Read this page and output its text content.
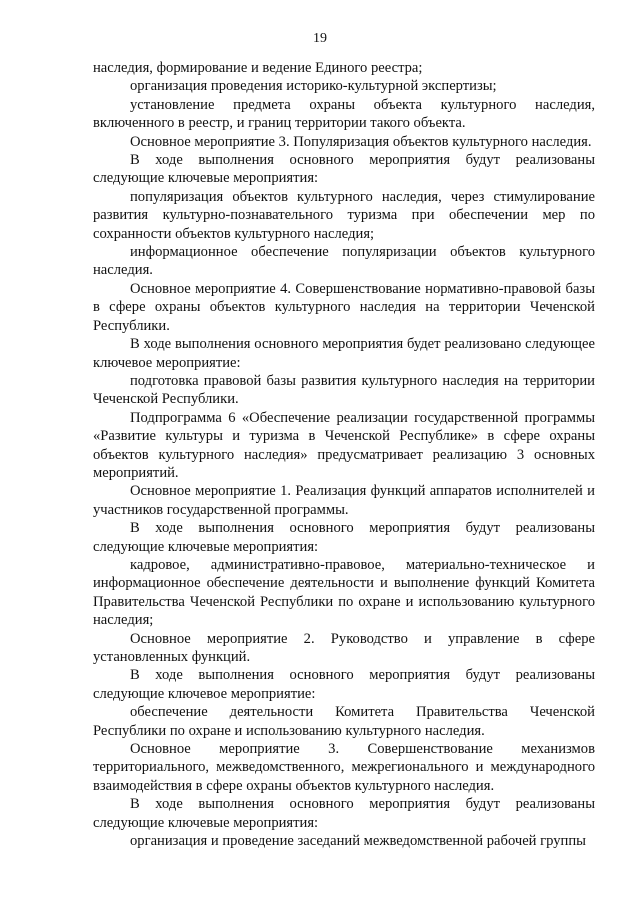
19

наследия, формирование и ведение Единого реестра;

организация проведения историко-культурной экспертизы;

установление предмета охраны объекта культурного наследия, включенного в реестр, и границ территории такого объекта.

Основное мероприятие 3. Популяризация объектов культурного наследия.

В ходе выполнения основного мероприятия будут реализованы следующие ключевые мероприятия:

популяризация объектов культурного наследия, через стимулирование развития культурно-познавательного туризма при обеспечении мер по сохранности объектов культурного наследия;

информационное обеспечение популяризации объектов культурного наследия.

Основное мероприятие 4. Совершенствование нормативно-правовой базы в сфере охраны объектов культурного наследия на территории Чеченской Республики.

В ходе выполнения основного мероприятия будет реализовано следующее ключевое мероприятие:

подготовка правовой базы развития культурного наследия на территории Чеченской Республики.

Подпрограмма 6 «Обеспечение реализации государственной программы «Развитие культуры и туризма в Чеченской Республике» в сфере охраны объектов культурного наследия» предусматривает реализацию 3 основных мероприятий.

Основное мероприятие 1. Реализация функций аппаратов исполнителей и участников государственной программы.

В ходе выполнения основного мероприятия будут реализованы следующие ключевые мероприятия:

кадровое, административно-правовое, материально-техническое и информационное обеспечение деятельности и выполнение функций Комитета Правительства Чеченской Республики по охране и использованию культурного наследия;

Основное мероприятие 2. Руководство и управление в сфере установленных функций.

В ходе выполнения основного мероприятия будут реализованы следующие ключевое мероприятие:

обеспечение деятельности Комитета Правительства Чеченской Республики по охране и использованию культурного наследия.

Основное мероприятие 3. Совершенствование механизмов территориального, межведомственного, межрегионального и международного взаимодействия в сфере охраны объектов культурного наследия.

В ходе выполнения основного мероприятия будут реализованы следующие ключевые мероприятия:

организация и проведение заседаний межведомственной рабочей группы
